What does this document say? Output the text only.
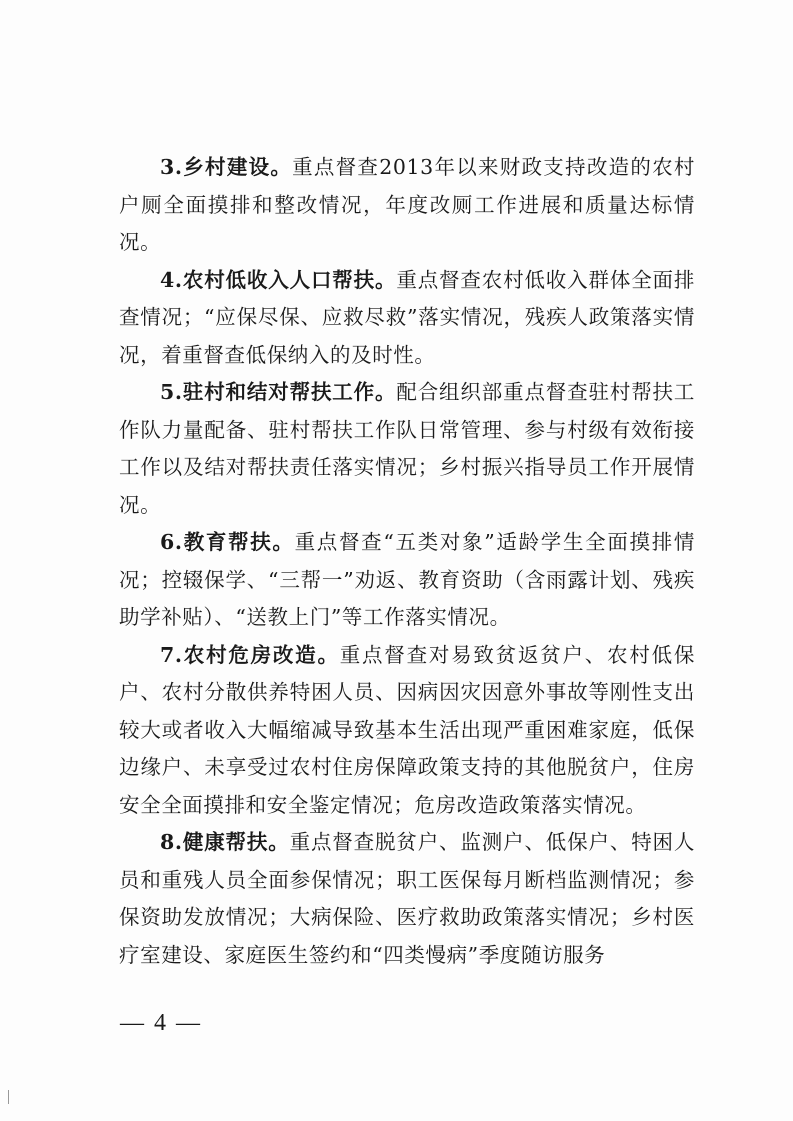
3.乡村建设。重点督查2013年以来财政支持改造的农村户厕全面摸排和整改情况，年度改厕工作进展和质量达标情况。

4.农村低收入人口帮扶。重点督查农村低收入群体全面排查情况；“应保尽保、应救尽救”落实情况，残疾人政策落实情况，着重督查低保纳入的及时性。

5.驻村和结对帮扶工作。配合组织部重点督查驻村帮扶工作队力量配备、驻村帮扶工作队日常管理、参与村级有效衔接工作以及结对帮扶责任落实情况；乡村振兴指导员工作开展情况。

6.教育帮扶。重点督查“五类对象”适龄学生全面摸排情况；控辍保学、“三帮一”劝返、教育资助（含雨露计划、残疾助学补贴）、“送教上门”等工作落实情况。

7.农村危房改造。重点督查对易致贫返贫户、农村低保户、农村分散供养特困人员、因病因灾因意外事故等刚性支出较大或者收入大幅缩减导致基本生活出现严重困难家庭，低保边缘户、未享受过农村住房保障政策支持的其他脱贫户，住房安全全面摸排和安全鉴定情况；危房改造政策落实情况。

8.健康帮扶。重点督查脱贫户、监测户、低保户、特困人员和重残人员全面参保情况；职工医保每月断档监测情况；参保资助发放情况；大病保险、医疗救助政策落实情况；乡村医疗室建设、家庭医生签约和“四类慢病”季度随访服务

— 4 —
